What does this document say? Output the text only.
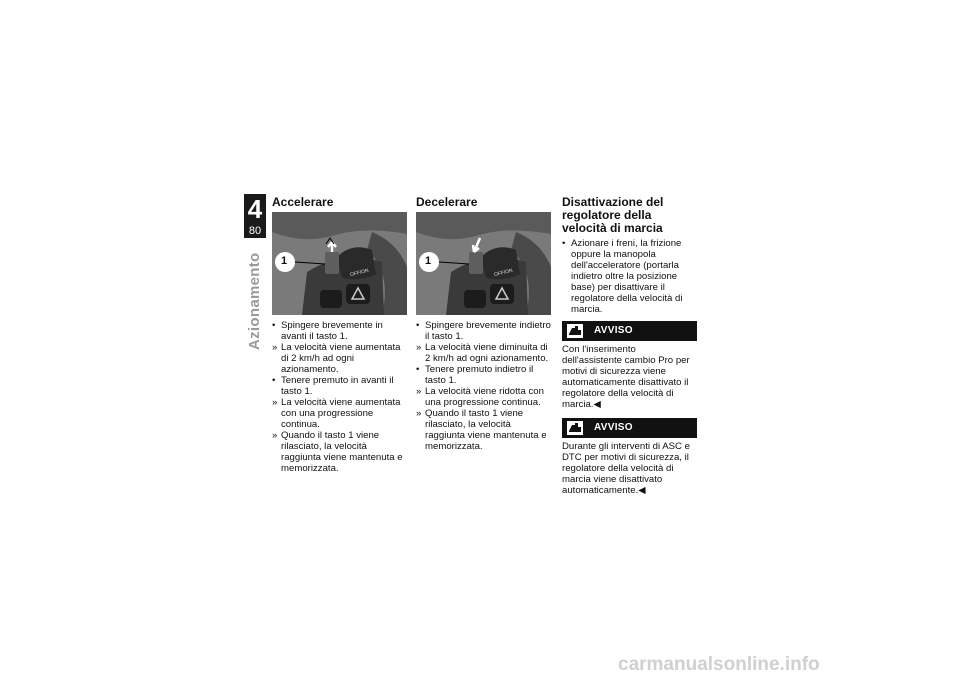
4
80
Azionamento
Accelerare
1
OFF/ON
• Spingere brevemente in avanti il tasto 1.
» La velocità viene aumentata di 2 km/h ad ogni azionamento.
• Tenere premuto in avanti il tasto 1.
» La velocità viene aumentata con una progressione continua.
» Quando il tasto 1 viene rilasciato, la velocità raggiunta viene mantenuta e memorizzata.
Decelerare
1
OFF/ON
• Spingere brevemente indietro il tasto 1.
» La velocità viene diminuita di 2 km/h ad ogni azionamento.
• Tenere premuto indietro il tasto 1.
» La velocità viene ridotta con una progressione continua.
» Quando il tasto 1 viene rilasciato, la velocità raggiunta viene mantenuta e memorizzata.
Disattivazione del regolatore della velocità di marcia
• Azionare i freni, la frizione oppure la manopola dell'acceleratore (portarla indietro oltre la posizione base) per disattivare il regolatore della velocità di marcia.
AVVISO
Con l'inserimento dell'assistente cambio Pro per motivi di sicurezza viene automaticamente disattivato il regolatore della velocità di marcia.◀
AVVISO
Durante gli interventi di ASC e DTC per motivi di sicurezza, il regolatore della velocità di marcia viene disattivato automaticamente.◀
carmanualsonline.info
